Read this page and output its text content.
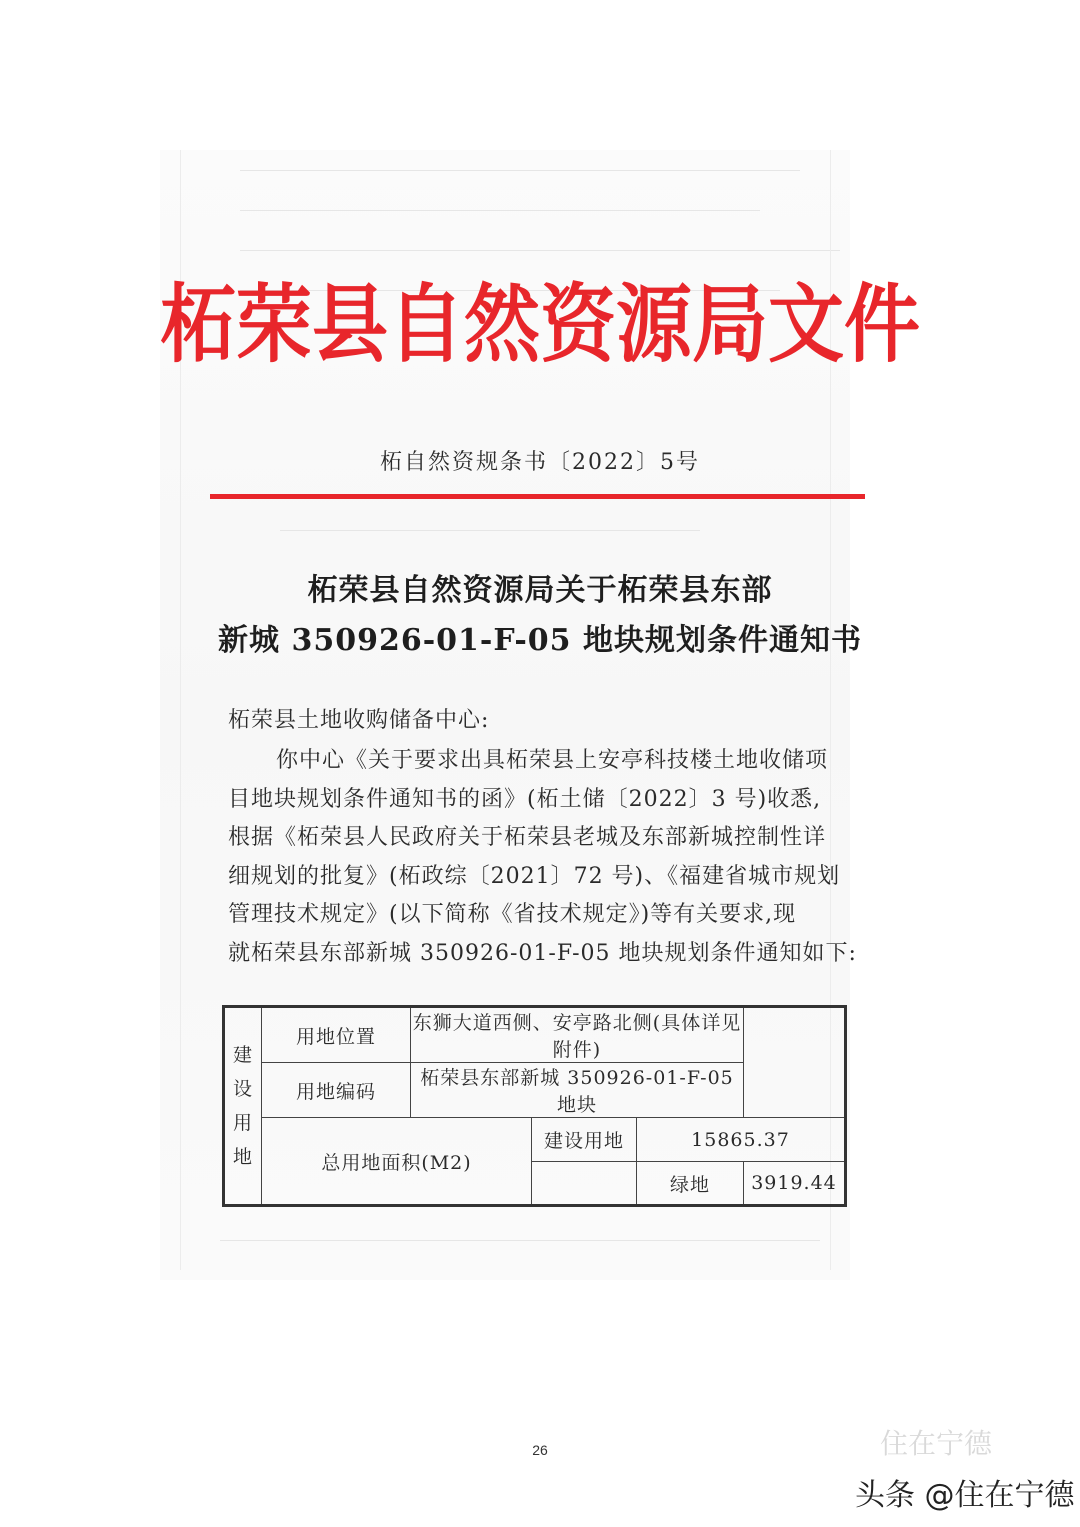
柘荣县自然资源局文件
柘自然资规条书〔2022〕5号
柘荣县自然资源局关于柘荣县东部
新城 350926-01-F-05 地块规划条件通知书
柘荣县土地收购储备中心:
你中心《关于要求出具柘荣县上安亭科技楼土地收储项
目地块规划条件通知书的函》(柘土储〔2022〕3 号)收悉,
根据《柘荣县人民政府关于柘荣县老城及东部新城控制性详
细规划的批复》(柘政综〔2021〕72 号)、《福建省城市规划
管理技术规定》(以下简称《省技术规定》)等有关要求,现
就柘荣县东部新城 350926-01-F-05 地块规划条件通知如下:
建
设
用
地	用地位置	东狮大道西侧、安亭路北侧(具体详见附件)			
	用地编码	柘荣县东部新城 350926-01-F-05 地块			
	总用地面积(M2)		建设用地	15865.37	
				绿地	3919.44
26	住在宁德
头条 @住在宁德
